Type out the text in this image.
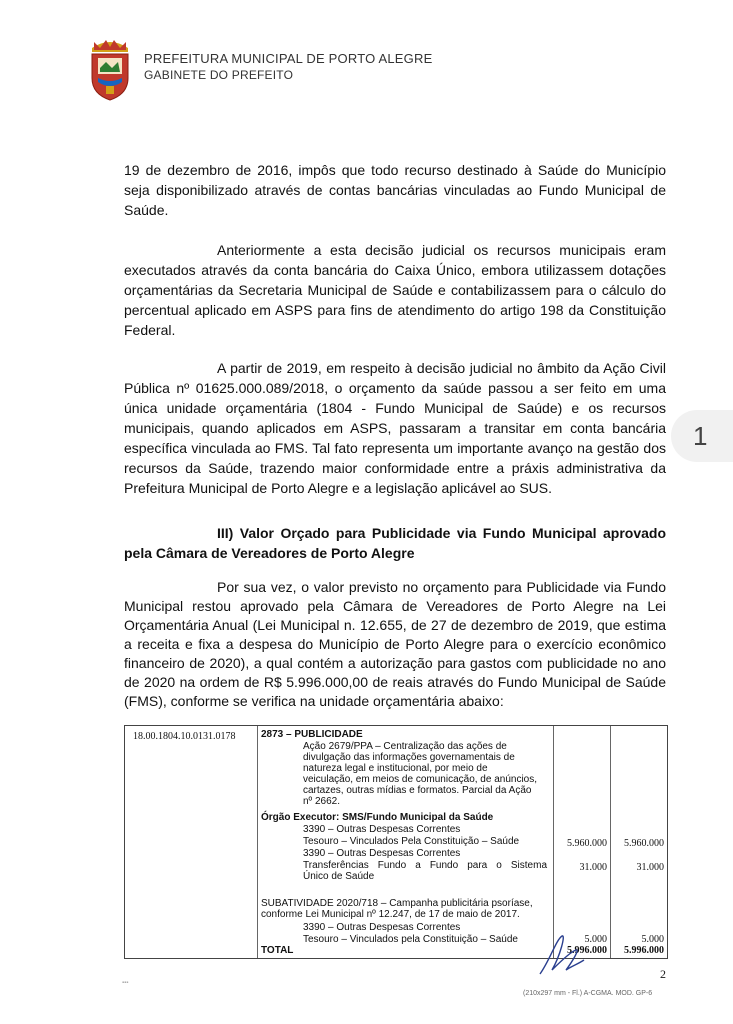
PREFEITURA MUNICIPAL DE PORTO ALEGRE
GABINETE DO PREFEITO
19 de dezembro de 2016, impôs que todo recurso destinado à Saúde do Município seja disponibilizado através de contas bancárias vinculadas ao Fundo Municipal de Saúde.
Anteriormente a esta decisão judicial os recursos municipais eram executados através da conta bancária do Caixa Único, embora utilizassem dotações orçamentárias da Secretaria Municipal de Saúde e contabilizassem para o cálculo do percentual aplicado em ASPS para fins de atendimento do artigo 198 da Constituição Federal.
A partir de 2019, em respeito à decisão judicial no âmbito da Ação Civil Pública nº 01625.000.089/2018, o orçamento da saúde passou a ser feito em uma única unidade orçamentária (1804 - Fundo Municipal de Saúde) e os recursos municipais, quando aplicados em ASPS, passaram a transitar em conta bancária específica vinculada ao FMS. Tal fato representa um importante avanço na gestão dos recursos da Saúde, trazendo maior conformidade entre a práxis administrativa da Prefeitura Municipal de Porto Alegre e a legislação aplicável ao SUS.
1
III) Valor Orçado para Publicidade via Fundo Municipal aprovado pela Câmara de Vereadores de Porto Alegre
Por sua vez, o valor previsto no orçamento para Publicidade via Fundo Municipal restou aprovado pela Câmara de Vereadores de Porto Alegre na Lei Orçamentária Anual (Lei Municipal n. 12.655, de 27 de dezembro de 2019, que estima a receita e fixa a despesa do Município de Porto Alegre para o exercício econômico financeiro de 2020), a qual contém a autorização para gastos com publicidade no ano de 2020 na ordem de R$ 5.996.000,00 de reais através do Fundo Municipal de Saúde (FMS), conforme se verifica na unidade orçamentária abaixo:
18.00.1804.10.0131.0178	2873 – PUBLICIDADE
Ação 2679/PPA – Centralização das ações de
divulgação das informações governamentais de
natureza legal e institucional, por meio de
veiculação, em meios de comunicação, de anúncios,
cartazes, outras mídias e formatos. Parcial da Ação
nº 2662.
Órgão Executor: SMS/Fundo Municipal da Saúde
3390 – Outras Despesas Correntes
Tesouro – Vinculados Pela Constituição – Saúde	5.960.000	5.960.000
3390 – Outras Despesas Correntes
Transferências Fundo a Fundo para o Sistema
Único de Saúde
31.000	31.000
SUBATIVIDADE 2020/718 – Campanha publicitária psoríase,
conforme Lei Municipal nº 12.247, de 17 de maio de 2017.
3390 – Outras Despesas Correntes
Tesouro – Vinculados pela Constituição – Saúde	5.000	5.000
TOTAL	5.996.000	5.996.000
2
▪▪▪
(210x297 mm - Fl.) A-CGMA. MOD. GP-6
